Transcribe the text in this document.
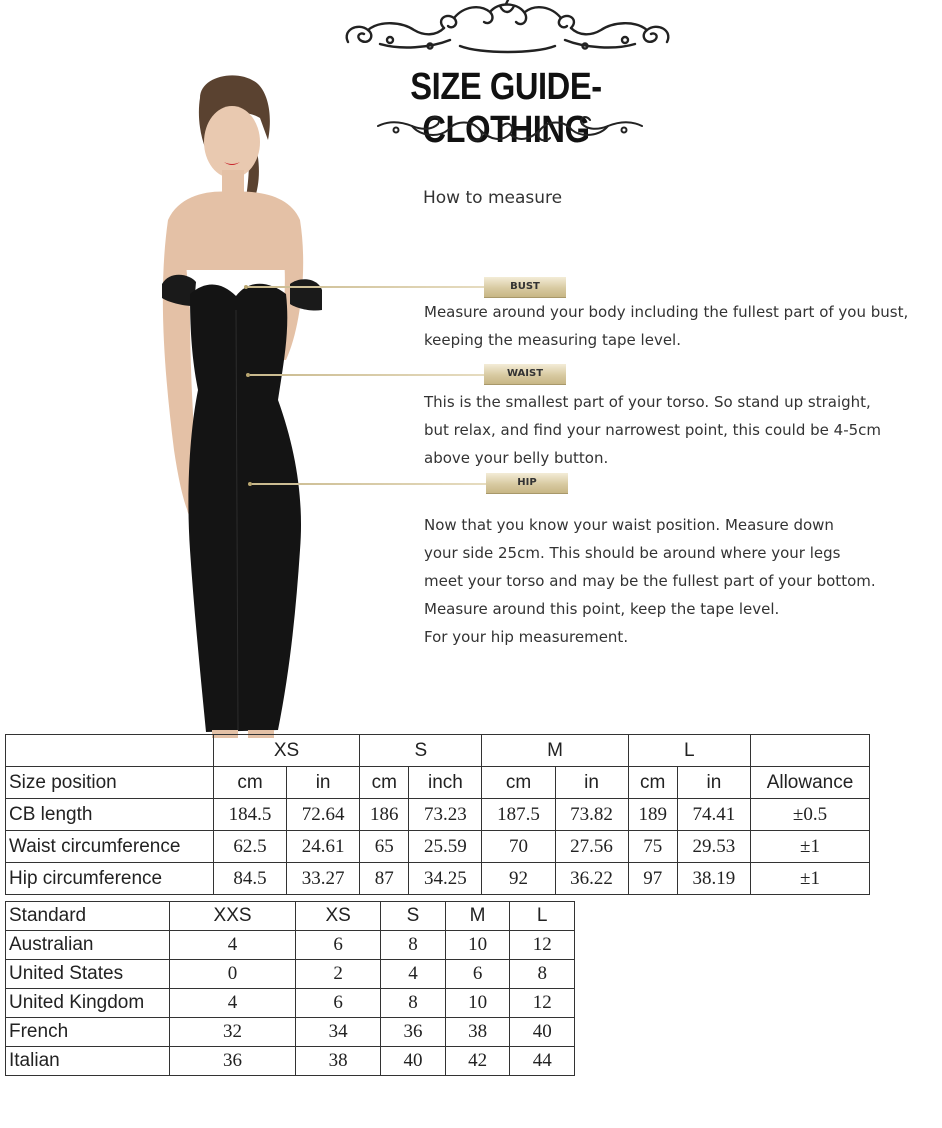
SIZE GUIDE-CLOTHING
How to measure
BUST
Measure around your body including the fullest part of you bust,
keeping the measuring tape level.
WAIST
This is the smallest part of your torso. So stand up straight,
but relax, and find your narrowest point, this could be 4-5cm
above your belly button.
HIP
Now that you know your waist position. Measure down
your side 25cm. This should be around where your legs
meet your torso and may be the fullest part of your bottom.
Measure around this point, keep the tape level.
For your hip measurement.
	XS		S		M		L		
Size position	cm	in	cm	inch	cm	in	cm	in	Allowance
CB length	184.5	72.64	186	73.23	187.5	73.82	189	74.41	±0.5
Waist circumference	62.5	24.61	65	25.59	70	27.56	75	29.53	±1
Hip circumference	84.5	33.27	87	34.25	92	36.22	97	38.19	±1
Standard	XXS	XS	S	M	L
Australian	4	6	8	10	12
United States	0	2	4	6	8
United Kingdom	4	6	8	10	12
French	32	34	36	38	40
Italian	36	38	40	42	44
